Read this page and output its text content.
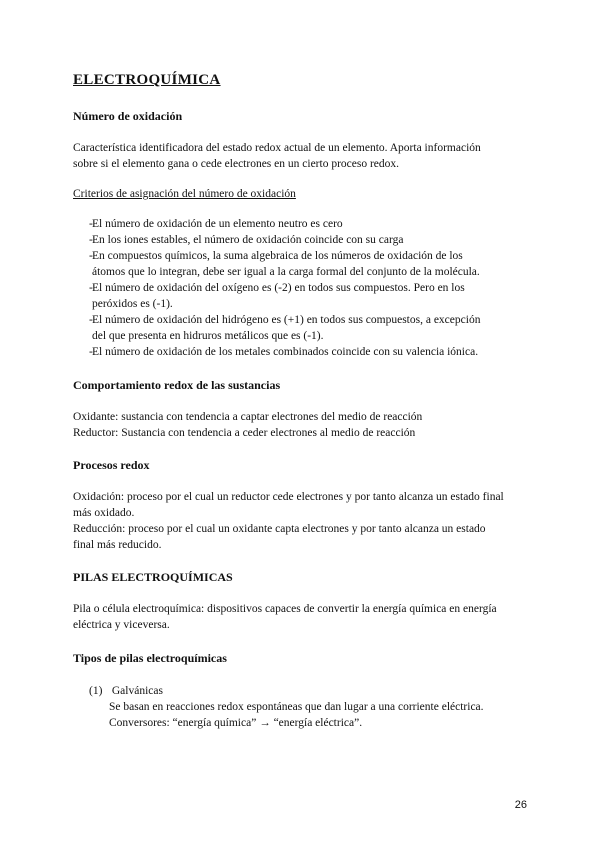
ELECTROQUÍMICA
Número de oxidación
Característica identificadora del estado redox actual de un elemento. Aporta información
sobre si el elemento gana o cede electrones en un cierto proceso redox.
Criterios de asignación del número de oxidación
- El número de oxidación de un elemento neutro es cero
- En los iones estables, el número de oxidación coincide con su carga
- En compuestos químicos, la suma algebraica de los números de oxidación de los
átomos que lo integran, debe ser igual a la carga formal del conjunto de la molécula.
- El número de oxidación del oxígeno es (-2) en todos sus compuestos. Pero en los
peróxidos es (-1).
- El número de oxidación del hidrógeno es (+1) en todos sus compuestos, a excepción
del que presenta en hidruros metálicos que es (-1).
- El número de oxidación de los metales combinados coincide con su valencia iónica.
Comportamiento redox de las sustancias
Oxidante: sustancia con tendencia a captar electrones del medio de reacción
Reductor: Sustancia con tendencia a ceder electrones al medio de reacción
Procesos redox
Oxidación: proceso por el cual un reductor cede electrones y por tanto alcanza un estado final
más oxidado.
Reducción: proceso por el cual un oxidante capta electrones y por tanto alcanza un estado
final más reducido.
PILAS ELECTROQUÍMICAS
Pila o célula electroquímica: dispositivos capaces de convertir la energía química en energía
eléctrica y viceversa.
Tipos de pilas electroquímicas
(1) Galvánicas
Se basan en reacciones redox espontáneas que dan lugar a una corriente eléctrica.
Conversores: “energía química” → “energía eléctrica”.
26
